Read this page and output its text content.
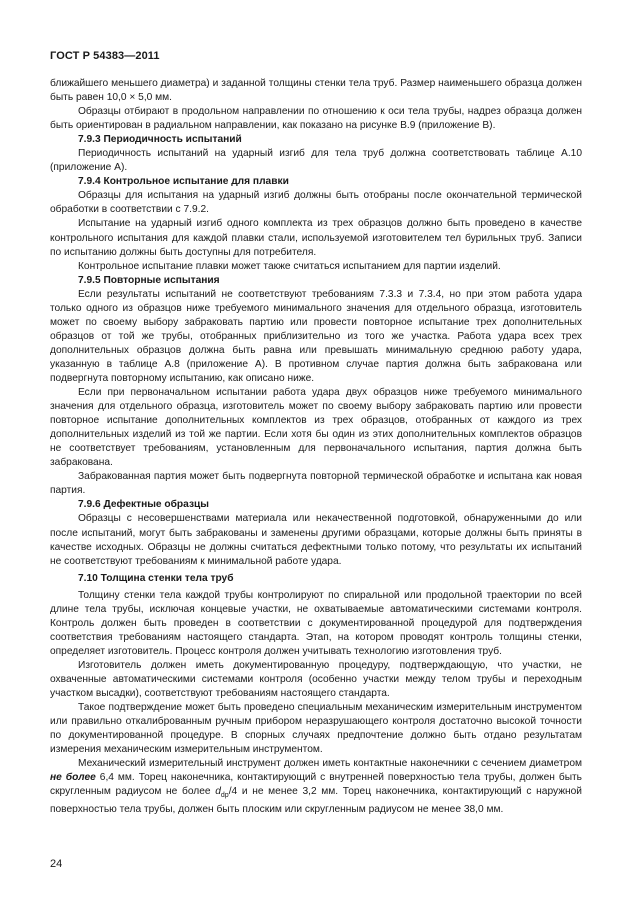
ГОСТ Р 54383—2011

ближайшего меньшего диаметра) и заданной толщины стенки тела труб. Размер наименьшего образца должен быть равен 10,0 × 5,0 мм.

Образцы отбирают в продольном направлении по отношению к оси тела трубы, надрез образца должен быть ориентирован в радиальном направлении, как показано на рисунке В.9 (приложение В).

7.9.3 Периодичность испытаний

Периодичность испытаний на ударный изгиб для тела труб должна соответствовать таблице А.10 (приложение А).

7.9.4 Контрольное испытание для плавки

Образцы для испытания на ударный изгиб должны быть отобраны после окончательной термической обработки в соответствии с 7.9.2.

Испытание на ударный изгиб одного комплекта из трех образцов должно быть проведено в качестве контрольного испытания для каждой плавки стали, используемой изготовителем тел бурильных труб. Записи по испытанию должны быть доступны для потребителя.

Контрольное испытание плавки может также считаться испытанием для партии изделий.

7.9.5 Повторные испытания

Если результаты испытаний не соответствуют требованиям 7.3.3 и 7.3.4, но при этом работа удара только одного из образцов ниже требуемого минимального значения для отдельного образца, изготовитель может по своему выбору забраковать партию или провести повторное испытание трех дополнительных образцов от той же трубы, отобранных приблизительно из того же участка. Работа удара всех трех дополнительных образцов должна быть равна или превышать минимальную среднюю работу удара, указанную в таблице А.8 (приложение А). В противном случае партия должна быть забракована или подвергнута повторному испытанию, как описано ниже.

Если при первоначальном испытании работа удара двух образцов ниже требуемого минимального значения для отдельного образца, изготовитель может по своему выбору забраковать партию или провести повторное испытание дополнительных комплектов из трех образцов, отобранных от каждого из трех дополнительных изделий из той же партии. Если хотя бы один из этих дополнительных комплектов образцов не соответствует требованиям, установленным для первоначального испытания, партия должна быть забракована.

Забракованная партия может быть подвергнута повторной термической обработке и испытана как новая партия.

7.9.6 Дефектные образцы

Образцы с несовершенствами материала или некачественной подготовкой, обнаруженными до или после испытаний, могут быть забракованы и заменены другими образцами, которые должны быть приняты в качестве исходных. Образцы не должны считаться дефектными только потому, что результаты их испытаний не соответствуют требованиям к минимальной работе удара.

7.10 Толщина стенки тела труб

Толщину стенки тела каждой трубы контролируют по спиральной или продольной траектории по всей длине тела трубы, исключая концевые участки, не охватываемые автоматическими системами контроля. Контроль должен быть проведен в соответствии с документированной процедурой для подтверждения соответствия требованиям настоящего стандарта. Этап, на котором проводят контроль толщины стенки, определяет изготовитель. Процесс контроля должен учитывать технологию изготовления труб.

Изготовитель должен иметь документированную процедуру, подтверждающую, что участки, не охваченные автоматическими системами контроля (особенно участки между телом трубы и переходным участком высадки), соответствуют требованиям настоящего стандарта.

Такое подтверждение может быть проведено специальным механическим измерительным инструментом или правильно откалиброванным ручным прибором неразрушающего контроля достаточно высокой точности по документированной процедуре. В спорных случаях предпочтение должно быть отдано результатам измерения механическим измерительным инструментом.

Механический измерительный инструмент должен иметь контактные наконечники с сечением диаметром не более 6,4 мм. Торец наконечника, контактирующий с внутренней поверхностью тела трубы, должен быть скругленным радиусом не более $d_{dp}/4$ и не менее 3,2 мм. Торец наконечника, контактирующий с наружной поверхностью тела трубы, должен быть плоским или скругленным радиусом не менее 38,0 мм.

24
